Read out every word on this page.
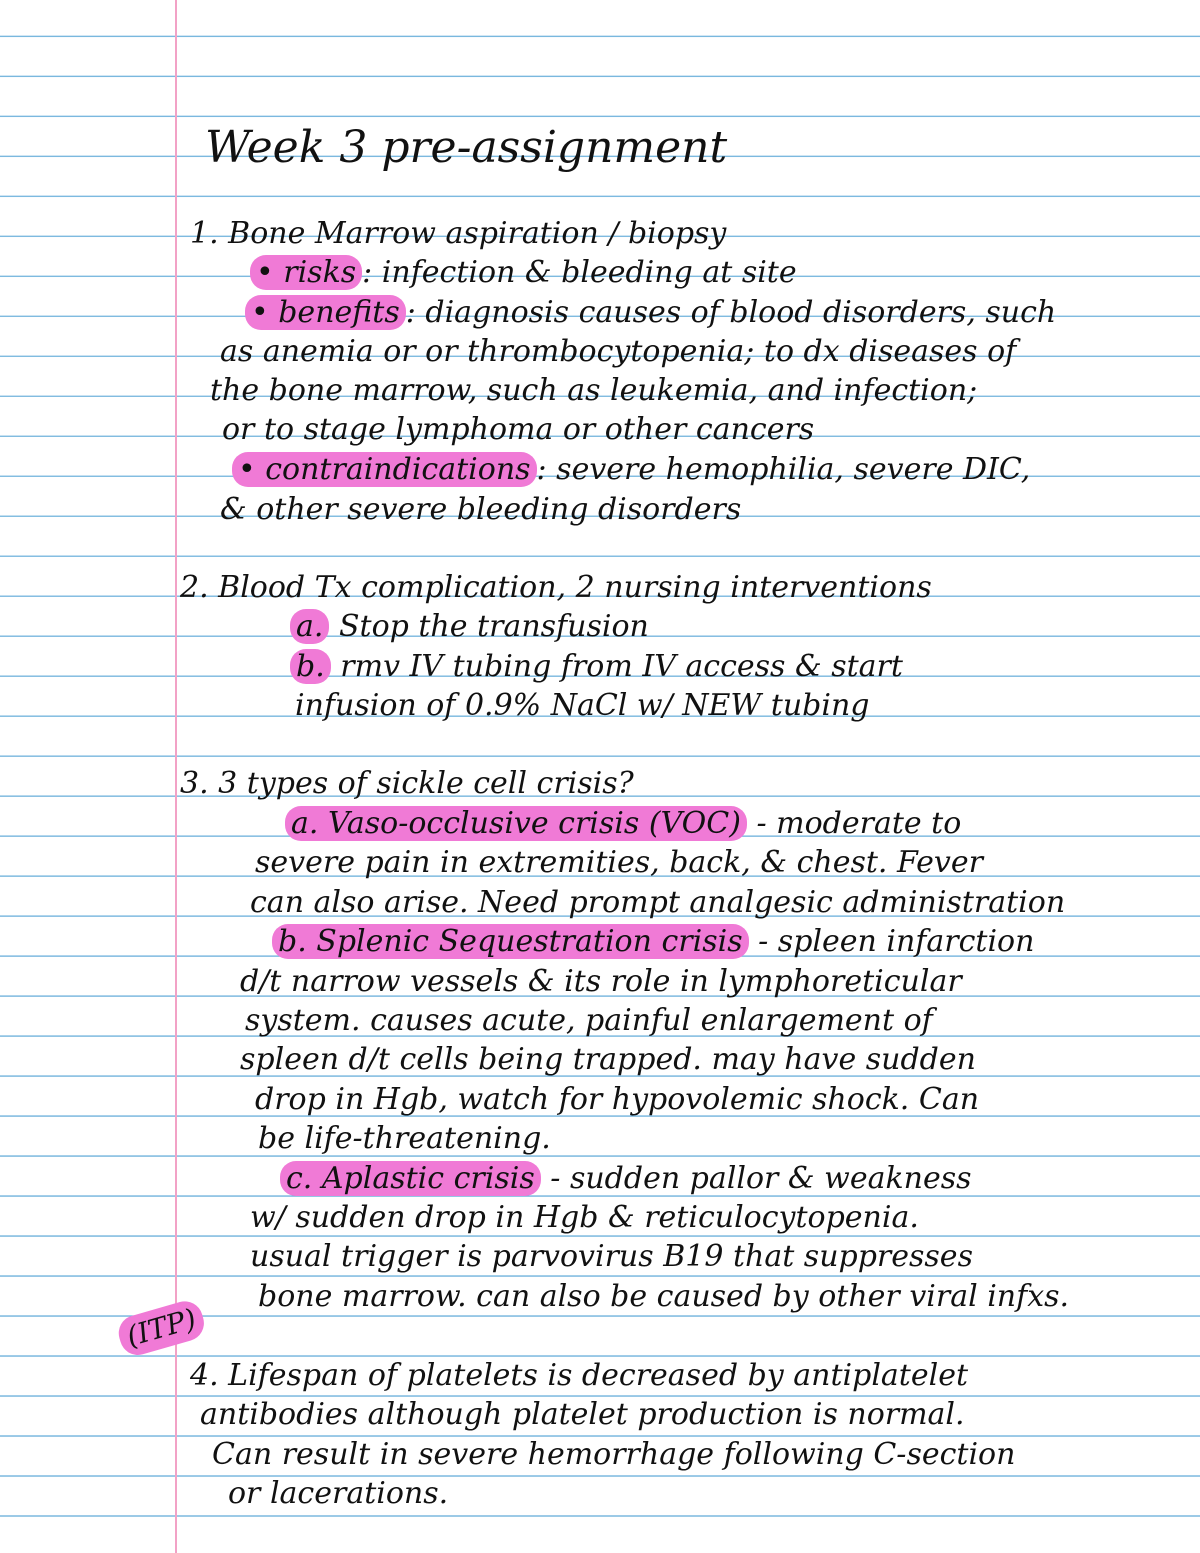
Week 3 pre-assignment
1. Bone Marrow aspiration / biopsy
• risks : infection & bleeding at site
• benefits : diagnosis causes of blood disorders, such
as anemia or or thrombocytopenia; to dx diseases of
the bone marrow, such as leukemia, and infection;
or to stage lymphoma or other cancers
• contraindications : severe hemophilia, severe DIC,
& other severe bleeding disorders
2. Blood Tx complication, 2 nursing interventions
a. Stop the transfusion
b. rmv IV tubing from IV access & start
infusion of 0.9% NaCl w/ NEW tubing
3. 3 types of sickle cell crisis?
a. Vaso-occlusive crisis (VOC) - moderate to
severe pain in extremities, back, & chest. Fever
can also arise. Need prompt analgesic administration
b. Splenic Sequestration crisis - spleen infarction
d/t narrow vessels & its role in lymphoreticular
system. causes acute, painful enlargement of
spleen d/t cells being trapped. may have sudden
drop in Hgb, watch for hypovolemic shock. Can
be life-threatening.
c. Aplastic crisis - sudden pallor & weakness
w/ sudden drop in Hgb & reticulocytopenia.
usual trigger is parvovirus B19 that suppresses
bone marrow. can also be caused by other viral infxs.
(ITP)
4. Lifespan of platelets is decreased by antiplatelet
antibodies although platelet production is normal.
Can result in severe hemorrhage following C-section
or lacerations.
